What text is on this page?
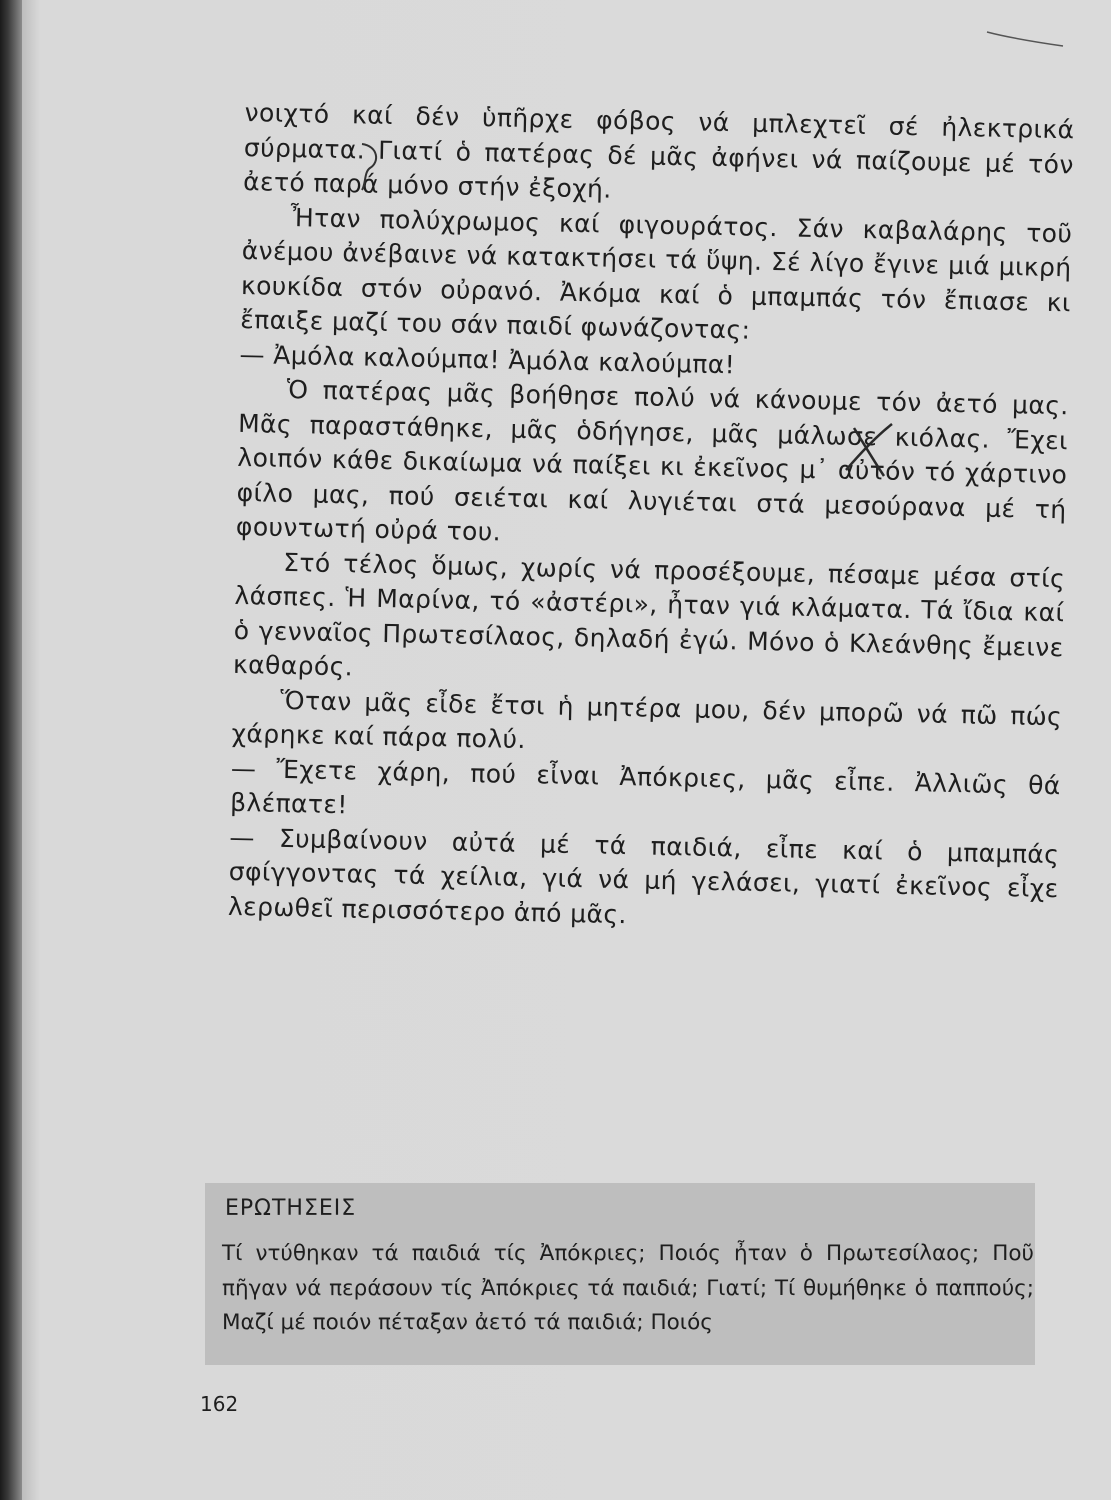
νοιχτό καί δέν ὑπῆρχε φόβος νά μπλεχτεῖ σέ ἠλεκτρικά σύρματα. Γιατί ὁ πατέρας δέ μᾶς ἀφήνει νά παίζουμε μέ τόν ἀετό παρά μόνο στήν ἐξοχή.

Ἦταν πολύχρωμος καί φιγουράτος. Σάν καβαλάρης τοῦ ἀνέμου ἀνέβαινε νά κατακτήσει τά ὕψη. Σέ λίγο ἔγινε μιά μικρή κουκίδα στόν οὐρανό. Ἀκόμα καί ὁ μπαμπάς τόν ἔπιασε κι ἔπαιξε μαζί του σάν παιδί φωνάζοντας:

— Ἀμόλα καλούμπα! Ἀμόλα καλούμπα!

Ὁ πατέρας μᾶς βοήθησε πολύ νά κάνουμε τόν ἀετό μας. Μᾶς παραστάθηκε, μᾶς ὁδήγησε, μᾶς μάλωσε κιόλας. Ἔχει λοιπόν κάθε δικαίωμα νά παίξει κι ἐκεῖνος μ᾽ αὐτόν τό χάρτινο φίλο μας, πού σειέται καί λυγιέται στά μεσούρανα μέ τή φουντωτή οὐρά του.

Στό τέλος ὅμως, χωρίς νά προσέξουμε, πέσαμε μέσα στίς λάσπες. Ἡ Μαρίνα, τό «ἀστέρι», ἦταν γιά κλάματα. Τά ἴδια καί ὁ γενναῖος Πρωτεσίλαος, δηλαδή ἐγώ. Μόνο ὁ Κλεάνθης ἔμεινε καθαρός.

Ὅταν μᾶς εἶδε ἔτσι ἡ μητέρα μου, δέν μπορῶ νά πῶ πώς χάρηκε καί πάρα πολύ.

— Ἔχετε χάρη, πού εἶναι Ἀπόκριες, μᾶς εἶπε. Ἀλλιῶς θά βλέπατε!

— Συμβαίνουν αὐτά μέ τά παιδιά, εἶπε καί ὁ μπαμπάς σφίγγοντας τά χείλια, γιά νά μή γελάσει, γιατί ἐκεῖνος εἶχε λερωθεῖ περισσότερο ἀπό μᾶς.

ΕΡΩΤΗΣΕΙΣ
Τί ντύθηκαν τά παιδιά τίς Ἀπόκριες; Ποιός ἦταν ὁ Πρωτεσίλαος; Ποῦ πῆγαν νά περάσουν τίς Ἀπόκριες τά παιδιά; Γιατί; Τί θυμήθηκε ὁ παππούς; Μαζί μέ ποιόν πέταξαν ἀετό τά παιδιά; Ποιός
162
